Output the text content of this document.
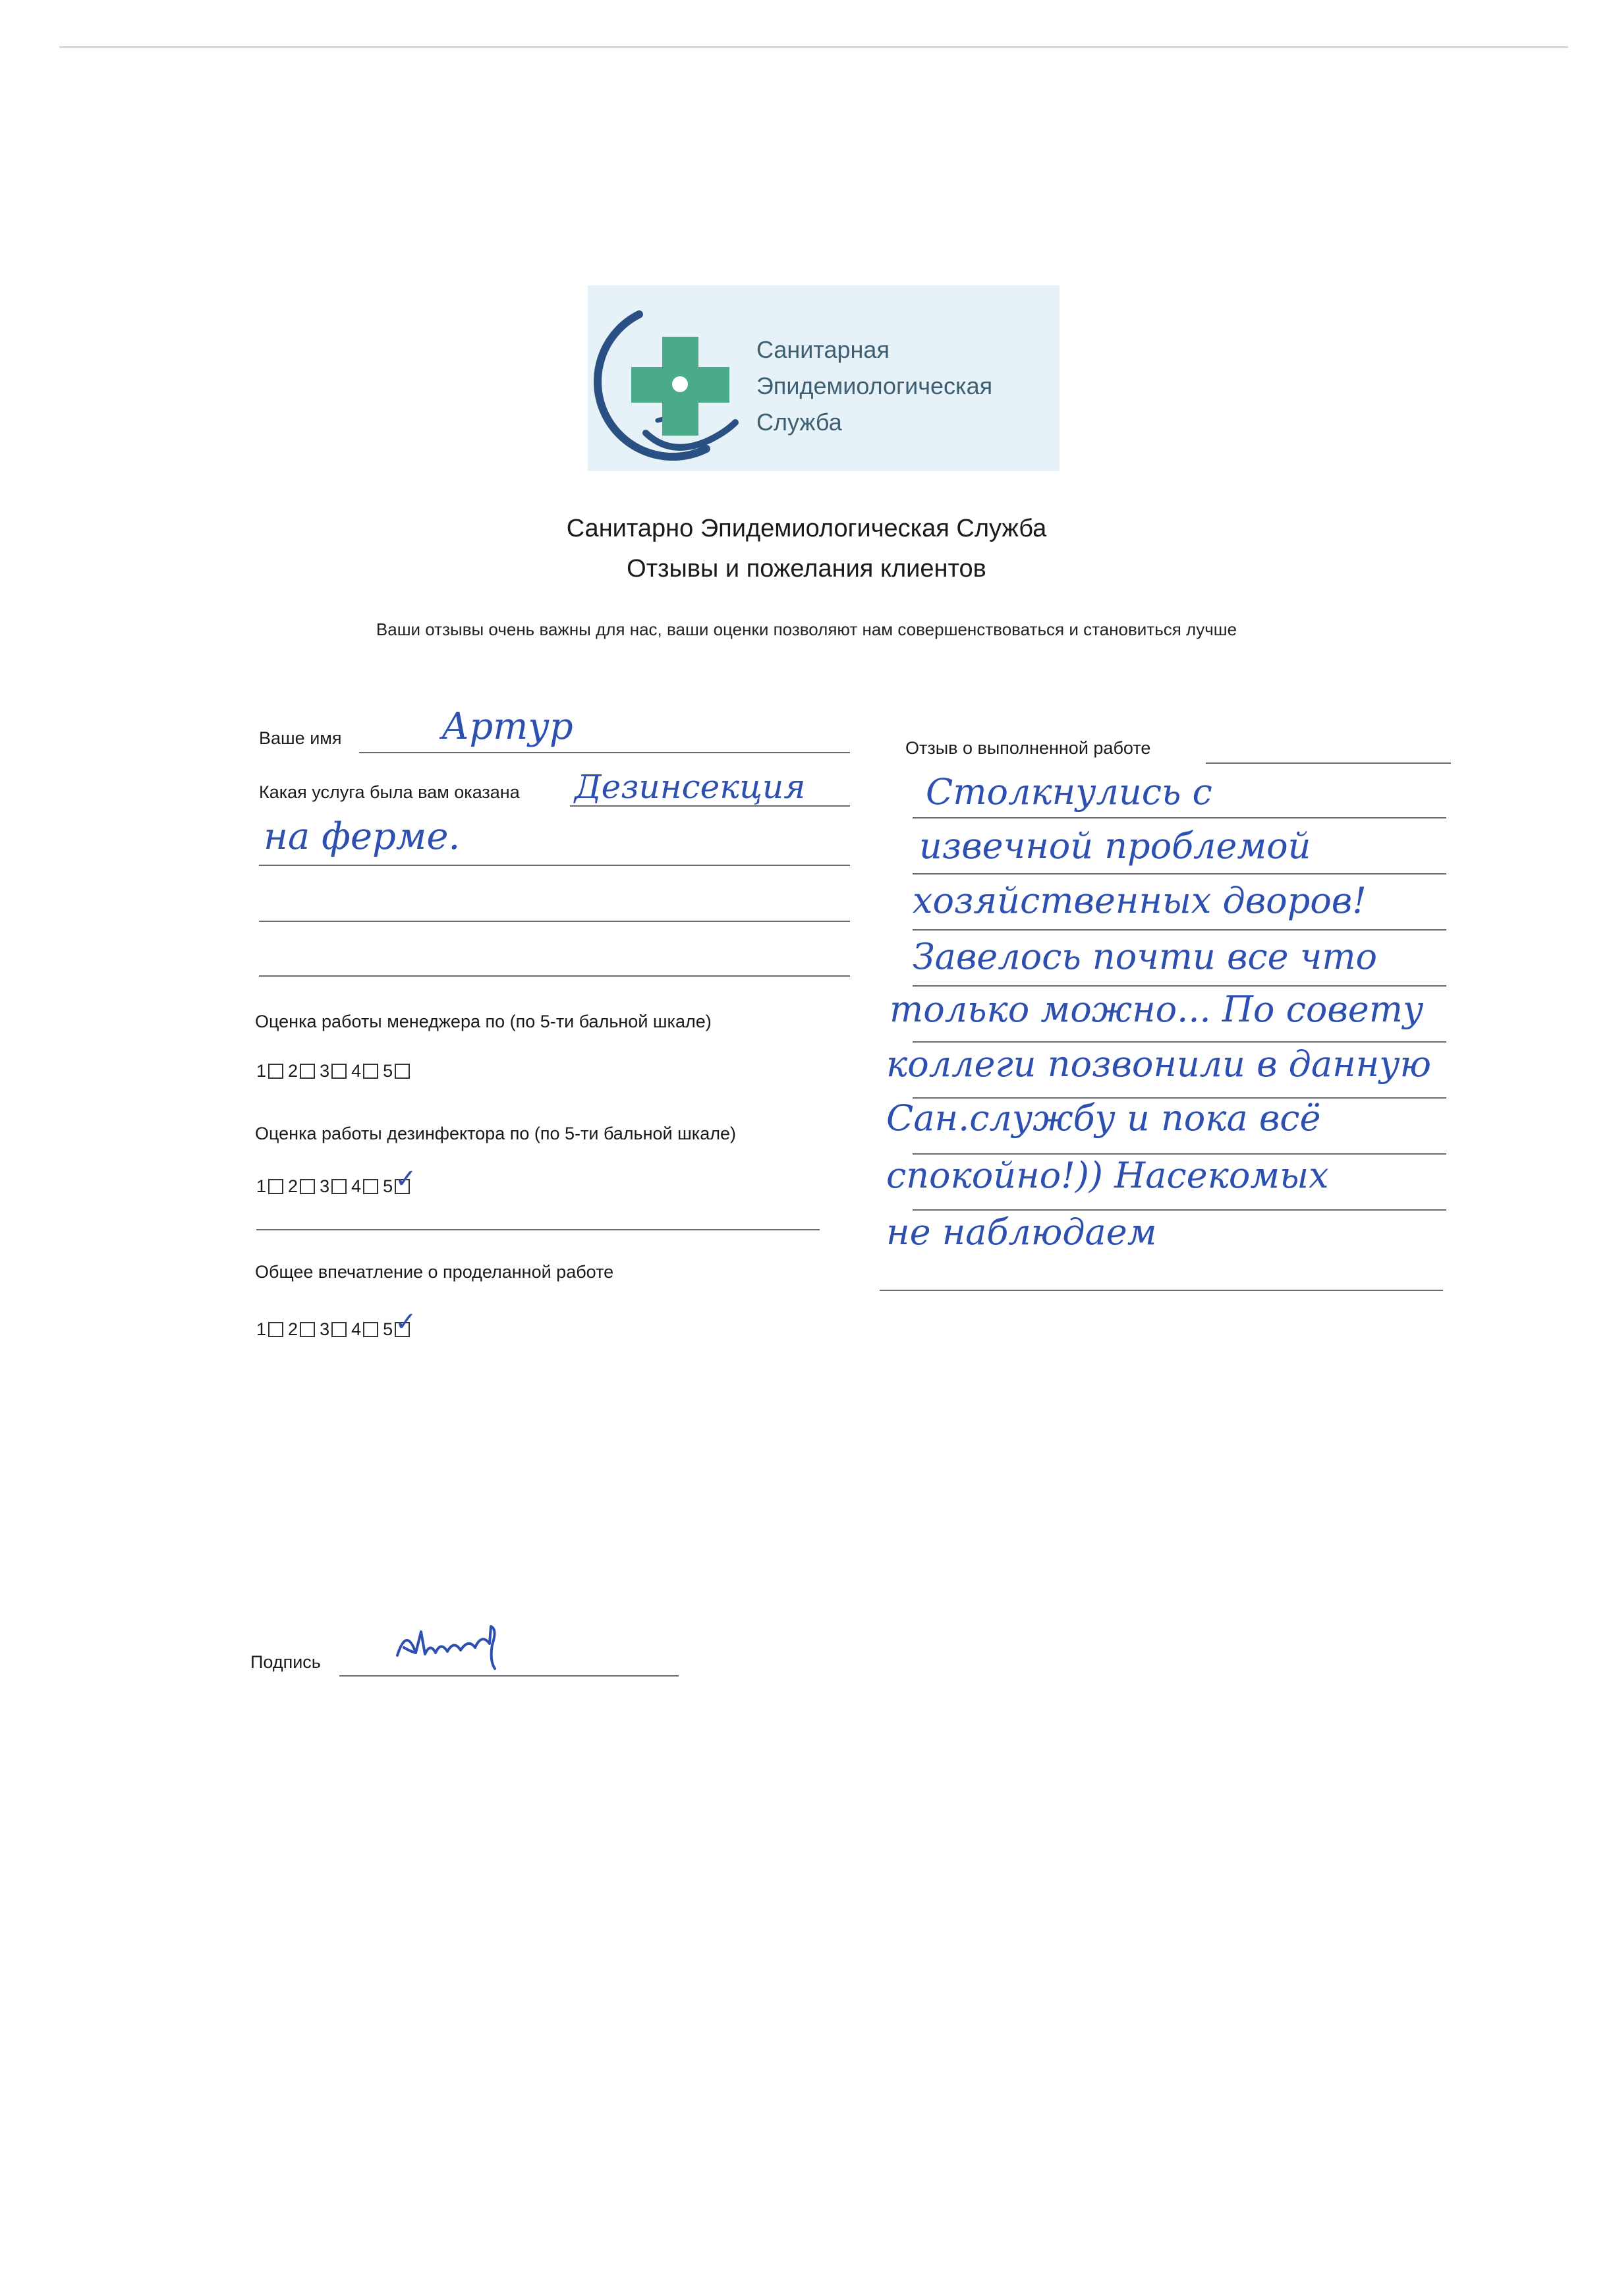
Санитарная
Эпидемиологическая
Служба
Санитарно Эпидемиологическая Служба
Отзывы и пожелания клиентов
Ваши отзывы очень важны для нас, ваши оценки позволяют нам совершенствоваться и становиться лучше
Ваше имя	Артур
Какая услуга была вам оказана Дезинсекция
на ферме.
Оценка работы менеджера по (по 5-ти бальной шкале)
1 2 3 4 5
Оценка работы дезинфектора по (по 5-ти бальной шкале)
1 2 3 4 5 ✓
Общее впечатление о проделанной работе
1 2 3 4 5 ✓
Отзыв о выполненной работе
Столкнулись с
извечной проблемой
хозяйственных дворов!
Завелось почти все что
только можно... По совету
коллеги позвонили в данную
Сан.службу и пока всё
спокойно!)) Насекомых
не наблюдаем
Подпись
